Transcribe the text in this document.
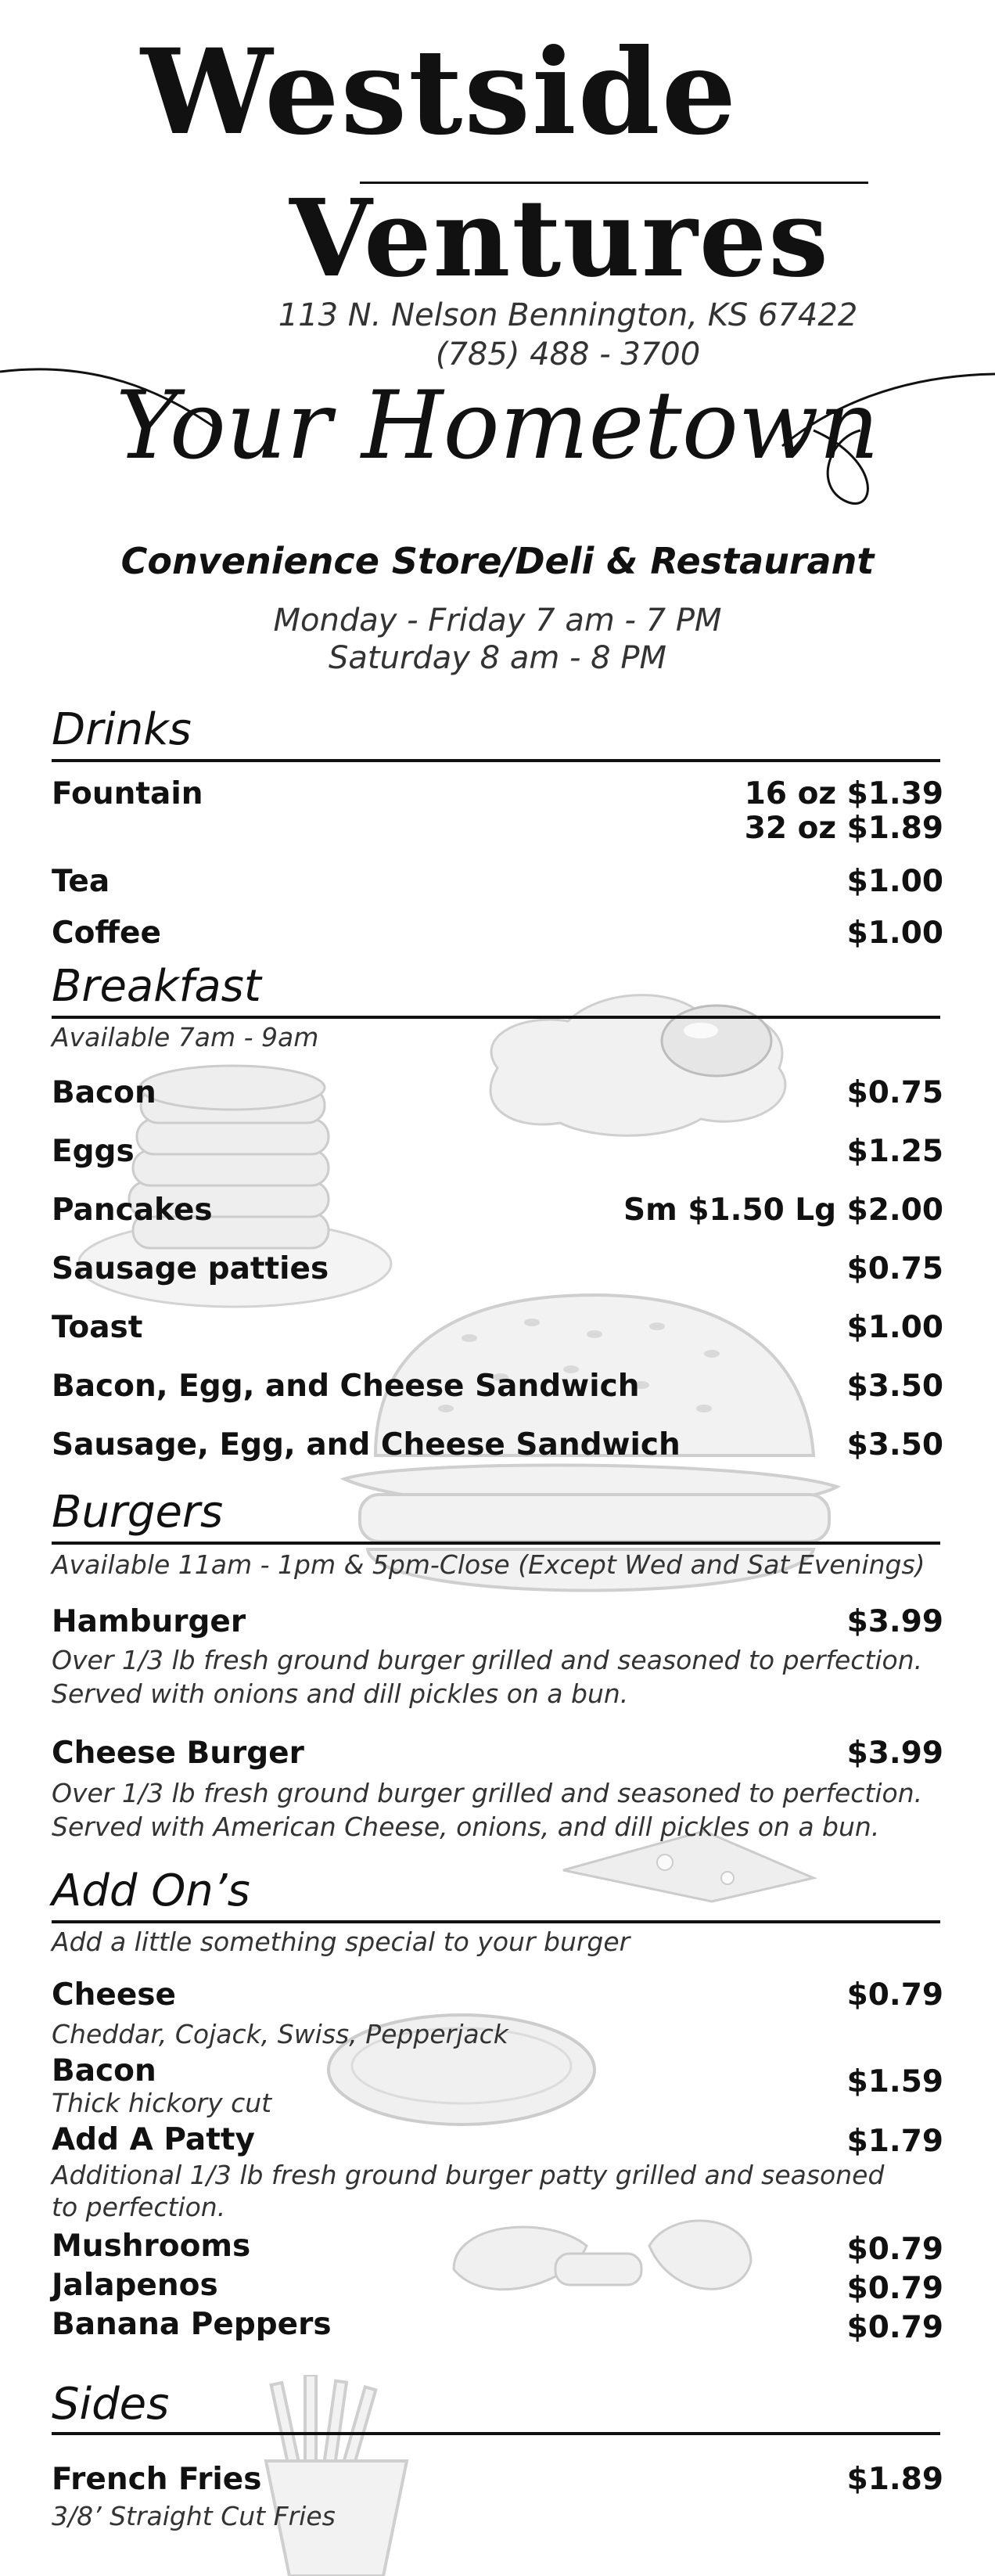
Westside
Ventures
113 N. Nelson Bennington, KS 67422
(785) 488 - 3700
Your Hometown
Convenience Store/Deli & Restaurant
Monday - Friday 7 am - 7 PM
Saturday 8 am - 8 PM
Drinks
Fountain	16 oz $1.39
32 oz $1.89
Tea	$1.00
Coffee	$1.00
Breakfast
Available 7am - 9am
Bacon	$0.75
Eggs	$1.25
Pancakes	Sm $1.50 Lg $2.00
Sausage patties	$0.75
Toast	$1.00
Bacon, Egg, and Cheese Sandwich	$3.50
Sausage, Egg, and Cheese Sandwich	$3.50
Burgers
Available 11am - 1pm & 5pm-Close (Except Wed and Sat Evenings)
Hamburger	$3.99
Over 1/3 lb fresh ground burger grilled and seasoned to perfection.
Served with onions and dill pickles on a bun.
Cheese Burger	$3.99
Over 1/3 lb fresh ground burger grilled and seasoned to perfection.
Served with American Cheese, onions, and dill pickles on a bun.
Add On’s
Add a little something special to your burger
Cheese	$0.79
Cheddar, Cojack, Swiss, Pepperjack
Bacon	$1.59
Thick hickory cut
Add A Patty	$1.79
Additional 1/3 lb fresh ground burger patty grilled and seasoned
to perfection.
Mushrooms	$0.79
Jalapenos	$0.79
Banana Peppers	$0.79
Sides
French Fries	$1.89
3/8’ Straight Cut Fries
